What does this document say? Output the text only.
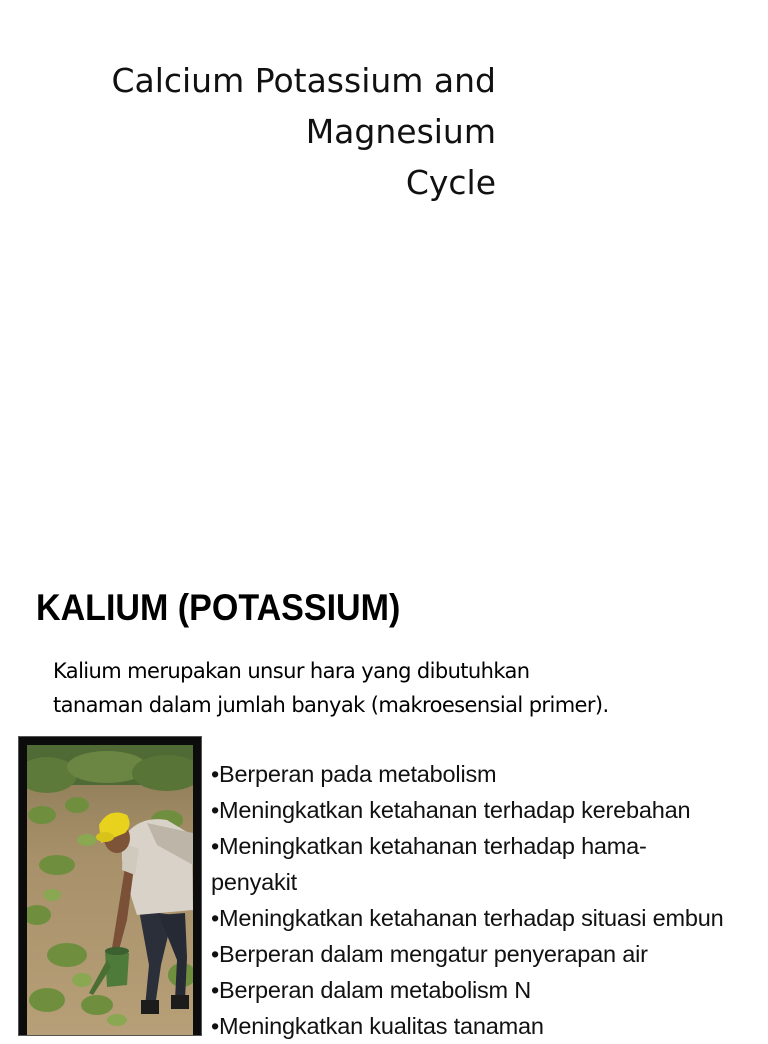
Calcium Potassium and
Magnesium
Cycle
KALIUM (POTASSIUM)
Kalium merupakan unsur hara yang dibutuhkan
tanaman dalam jumlah banyak (makroesensial primer).
•Berperan pada metabolism
•Meningkatkan ketahanan terhadap kerebahan
•Meningkatkan ketahanan terhadap hama-
penyakit
•Meningkatkan ketahanan terhadap situasi embun
•Berperan dalam mengatur penyerapan air
•Berperan dalam metabolism N
•Meningkatkan kualitas tanaman
